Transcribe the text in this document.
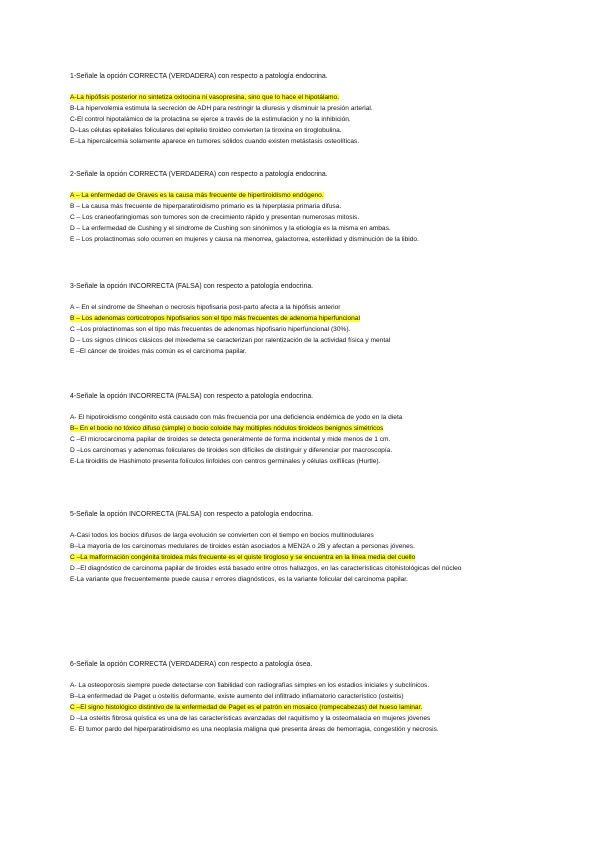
1-Señale la opción CORRECTA (VERDADERA) con respecto a patología endocrina.

A-La hipófisis posterior no sintetiza oxitocina ni vasopresina, sino que lo hace el hipotálamo.

B-La hipervolemia estimula la secreción de ADH para restringir la diuresis y disminuir la presión arterial.

C-El control hipotalámico de la prolactina se ejerce a través de la estimulación y no la inhibición.

D–Las células epiteliales foliculares del epitelio tiroideo convierten la tiroxina en tiroglobulina.

E–La hipercalcemia solamente aparece en tumores sólidos cuando existen metástasis osteolíticas.

2-Señale la opción CORRECTA (VERDADERA) con respecto a patología endocrina.

A – La enfermedad de Graves es la causa más frecuente de hipertiroidismo endógeno.

B – La causa más frecuente de hiperparatiroidismo primario es la hiperplasia primaria difusa.

C – Los craneofaringiomas son tumores son de crecimiento rápido y presentan numerosas mitosis.

D – La enfermedad de Cushing y el síndrome de Cushing son sinónimos y la etiología es la misma en ambas.

E – Los prolactinomas solo ocurren en mujeres y causa na menorrea, galactorrea, esterilidad y disminución de la libido.

3-Señale la opción INCORRECTA (FALSA) con respecto a patología endocrina.

A – En el síndrome de Sheehan o necrosis hipofisaria post-parto afecta a la hipófisis anterior

B – Los adenomas corticotropos hipofisarios son el tipo más frecuentes de adenoma hiperfuncional

C –Los prolactinomas son el tipo más frecuentes de adenomas hipofisario hiperfuncional (30%).

D – Los signos clínicos clásicos del mixedema se caracterizan por ralentización de la actividad física y mental

E –El cáncer de tiroides más común es el carcinoma papilar.

4-Señale la opción INCORRECTA (FALSA) con respecto a patología endocrina.

A- El hipotiroidismo congénito está causado con más frecuencia por una deficiencia endémica de yodo en la dieta

B– En el bocio no tóxico difuso (simple) o bocio coloide hay múltiples nódulos tiroideos benignos simétricos

C –El microcarcinoma papilar de tiroides se detecta generalmente de forma incidental y mide menos de 1 cm.

D –Los carcinomas y adenomas foliculares de tiroides son difíciles de distinguir y diferenciar por macroscopía.

E-La tiroiditis de Hashimoto presenta folículos linfoides con centros germinales y células oxifílicas (Hurtle).

5-Señale la opción INCORRECTA (FALSA) con respecto a patología endocrina.

A-Casi todos los bocios difusos de larga evolución se convierten con el tiempo en bocios multinodulares

B–La mayoría de los carcinomas medulares de tiroides están asociados a MEN2A o 2B y afectan a personas jóvenes.

C –La malformación congénita tiroidea más frecuente es el quiste tirogloso y se encuentra en la línea media del cuello

D –El diagnóstico de carcinoma papilar de tiroides está basado entre otros hallazgos, en las características citohistológicas del núcleo

E-La variante que frecuentemente puede causa r errores diagnósticos, es la variante folicular del carcinoma papilar.

6-Señale la opción CORRECTA (VERDADERA) con respecto a patología ósea.

A- La osteoporosis siempre puede detectarse con fiabilidad con radiografías simples en los estadios iniciales y subclínicos.

B–La enfermedad de Paget u osteítis deformante, existe aumento del infiltrado inflamatorio característico (osteitis)

C –El signo histológico distintivo de la enfermedad de Paget es el patrón en mosaico (rompecabezas) del hueso laminar.

D –La osteítis fibrosa quística es una de las características avanzadas del raquitismo y la osteomalacia en mujeres jóvenes

E- El tumor pardo del hiperparatiroidismo es una neoplasia maligna que presenta áreas de hemorragia, congestión y necrosis.
